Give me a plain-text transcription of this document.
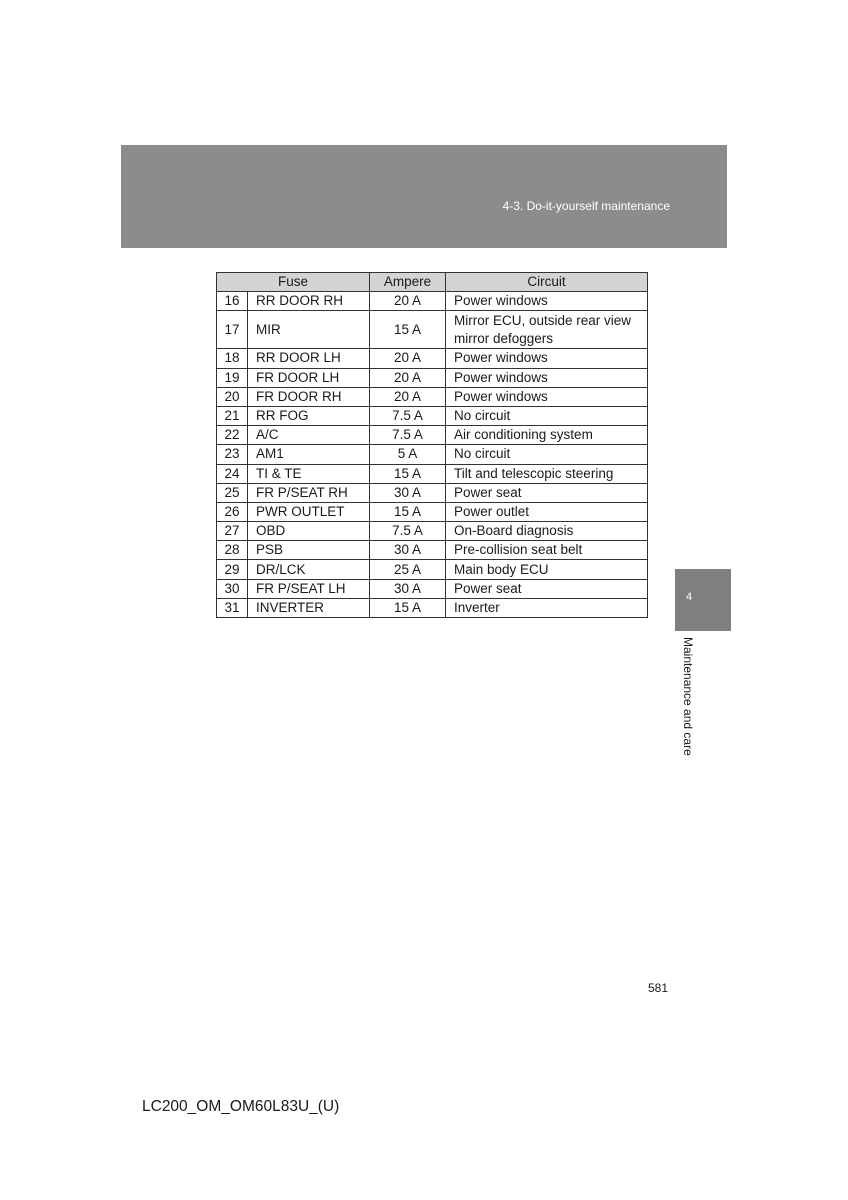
4-3. Do-it-yourself maintenance
Fuse		Ampere	Circuit
16	RR DOOR RH	20 A	Power windows
17	MIR	15 A	Mirror ECU, outside rear view mirror defoggers
18	RR DOOR LH	20 A	Power windows
19	FR DOOR LH	20 A	Power windows
20	FR DOOR RH	20 A	Power windows
21	RR FOG	7.5 A	No circuit
22	A/C	7.5 A	Air conditioning system
23	AM1	5 A	No circuit
24	TI & TE	15 A	Tilt and telescopic steering
25	FR P/SEAT RH	30 A	Power seat
26	PWR OUTLET	15 A	Power outlet
27	OBD	7.5 A	On-Board diagnosis
28	PSB	30 A	Pre-collision seat belt
29	DR/LCK	25 A	Main body ECU
30	FR P/SEAT LH	30 A	Power seat
31	INVERTER	15 A	Inverter
4
Maintenance and care
581
LC200_OM_OM60L83U_(U)
